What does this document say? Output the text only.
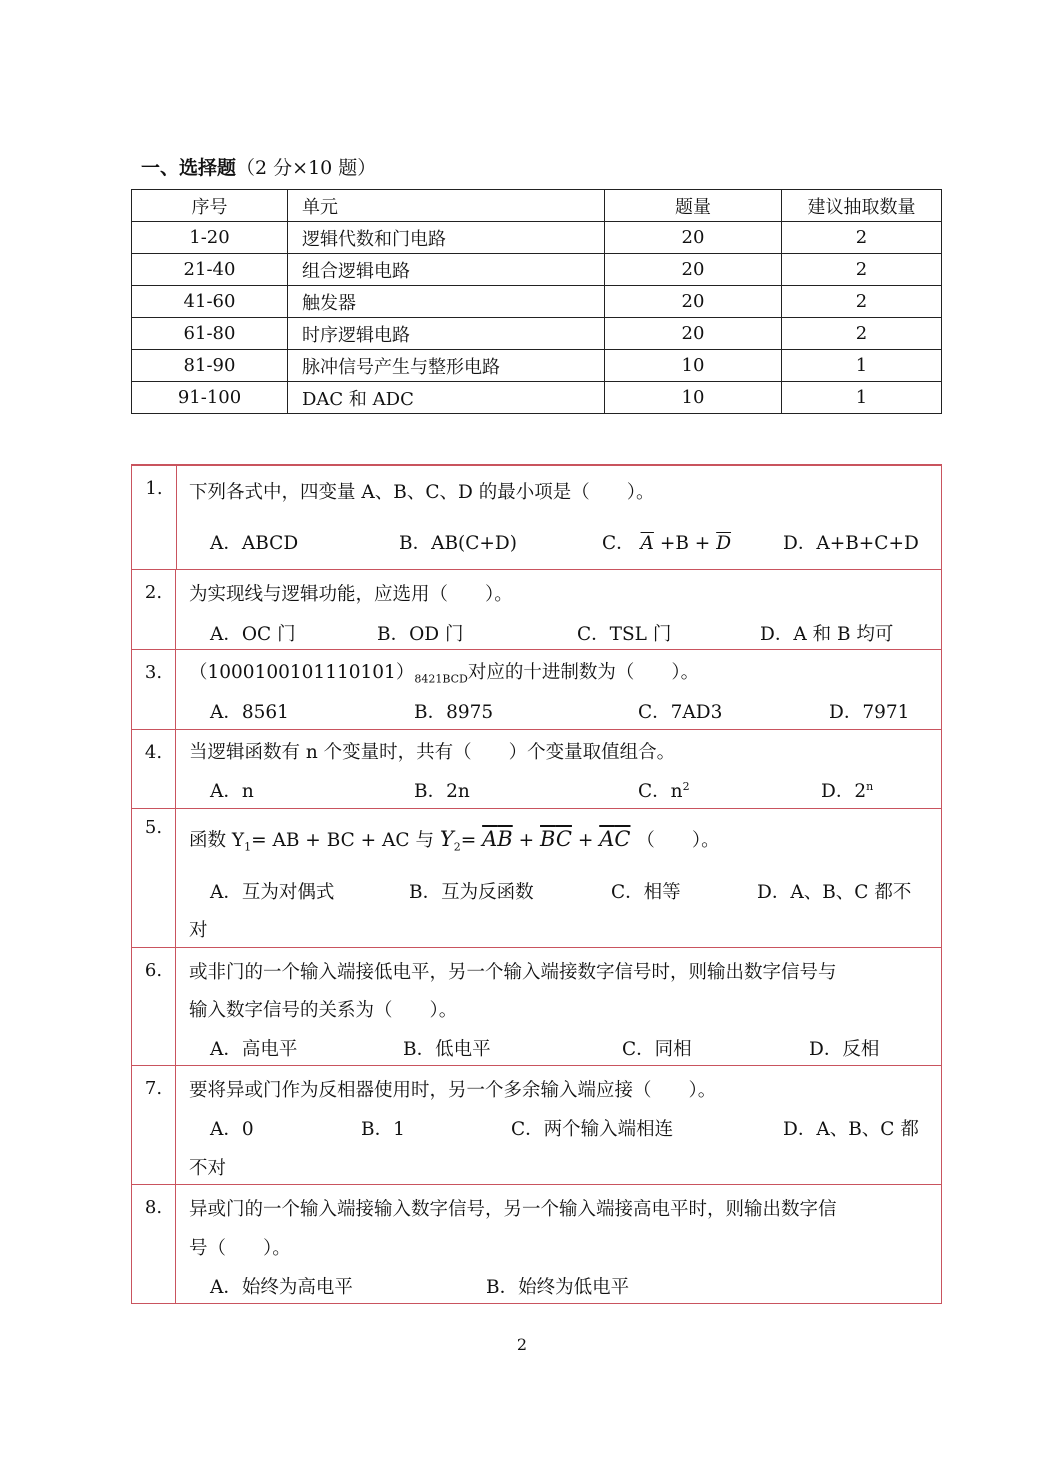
一、选择题（2 分×10 题）
序号	单元	题量	建议抽取数量
1-20	逻辑代数和门电路	20	2
21-40	组合逻辑电路	20	2
41-60	触发器	20	2
61-80	时序逻辑电路	20	2
81-90	脉冲信号产生与整形电路	10	1
91-100	DAC 和 ADC	10	1
1.	下列各式中，四变量 A、B、C、D 的最小项是（　　）。
A．ABCD	B．AB(C+D)	C． $\overline{A} +B + \overline{D}$	D．A+B+C+D
2.	为实现线与逻辑功能，应选用（　　）。
A．OC 门	B．OD 门	C．TSL 门	D．A 和 B 均可
3.	$(1000100101110101)_{8421BCD}$对应的十进制数为（　　）。
A．8561	B．8975	C．7AD3	D．7971
4.	当逻辑函数有 n 个变量时，共有（　　）个变量取值组合。
A．n	B．2n	C．$n^2$	D．2$^n$
5.
函数 $Y_1=$ AB + BC + AC 与 $Y_2= \overline{A}\overline{B} + \overline{B}\overline{C} + \overline{A}\overline{C}$ （　　）。
A．互为对偶式	B．互为反函数	C．相等	D．A、B、C 都不
对
6.	或非门的一个输入端接低电平，另一个输入端接数字信号时，则输出数字信号与
输入数字信号的关系为（　　）。
A．高电平	B．低电平	C．同相	D．反相
7.	要将异或门作为反相器使用时，另一个多余输入端应接（　　）。
A．0	B．1	C．两个输入端相连	D．A、B、C 都
不对
8.	异或门的一个输入端接输入数字信号，另一个输入端接高电平时，则输出数字信
号（　　）。
A．始终为高电平	B．始终为低电平
2
